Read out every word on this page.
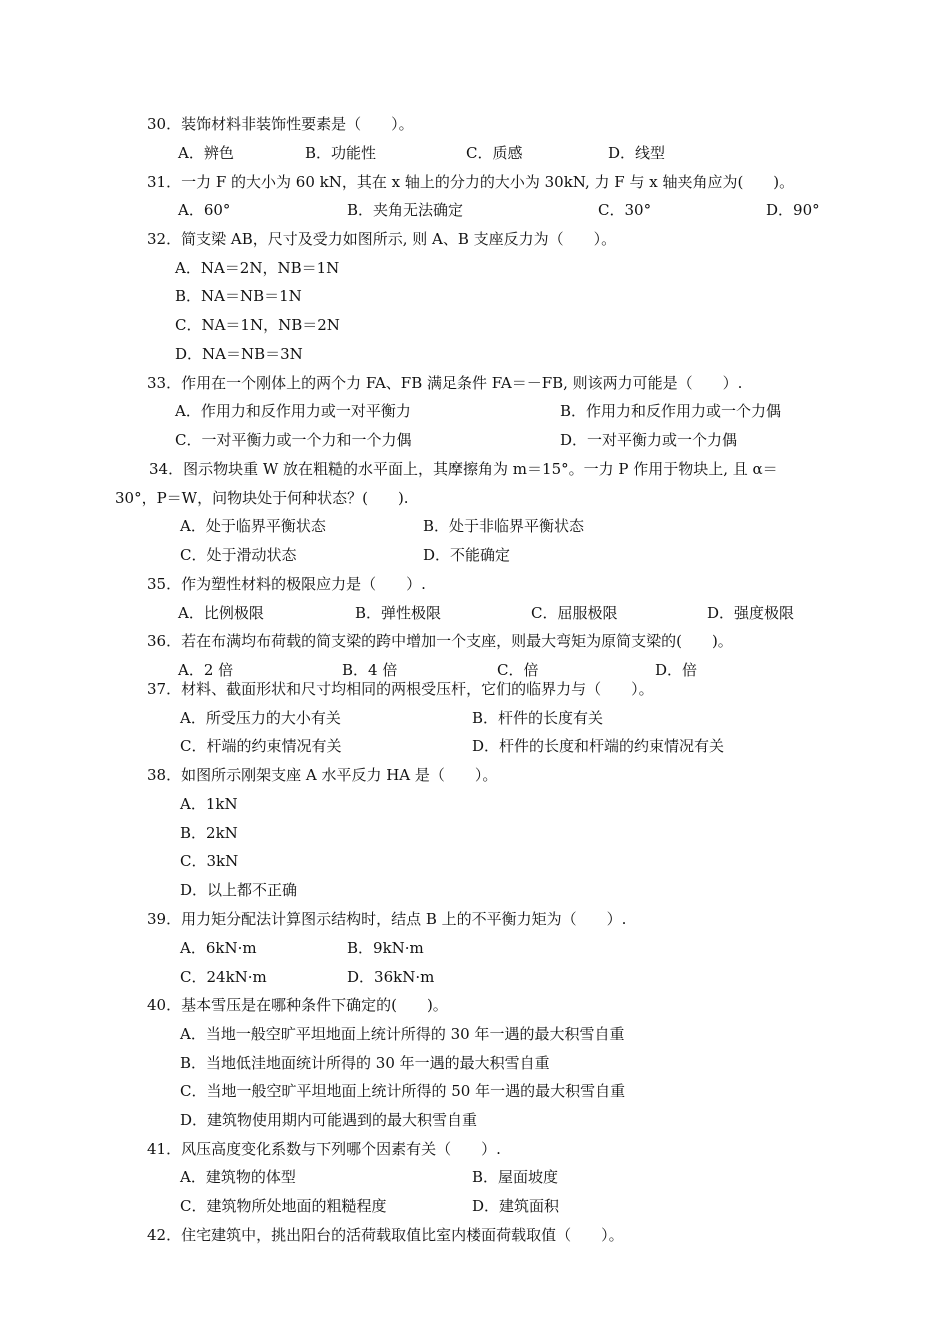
30．装饰材料非装饰性要素是（　　）。
A．辨色	B．功能性	C．质感	D．线型
31．一力 F 的大小为 60 kN，其在 x 轴上的分力的大小为 30kN, 力 F 与 x 轴夹角应为(　　)。
A．60°	B．夹角无法确定	C．30°	D．90°
32．简支梁 AB，尺寸及受力如图所示, 则 A、B 支座反力为（　　）。
A．NA＝2N，NB＝1N
B．NA＝NB＝1N
C．NA＝1N，NB＝2N
D．NA＝NB＝3N
33．作用在一个刚体上的两个力 FA、FB 满足条件 FA＝－FB, 则该两力可能是（　　）.
A．作用力和反作用力或一对平衡力	B．作用力和反作用力或一个力偶
C．一对平衡力或一个力和一个力偶	D．一对平衡力或一个力偶
34．图示物块重 W 放在粗糙的水平面上，其摩擦角为 m＝15°。一力 P 作用于物块上, 且 α＝
30°，P＝W，问物块处于何种状态？(　　).
A．处于临界平衡状态	B．处于非临界平衡状态
C．处于滑动状态	D．不能确定
35．作为塑性材料的极限应力是（　　）.
A．比例极限	B．弹性极限	C．屈服极限	D．强度极限
36．若在布满均布荷载的简支梁的跨中增加一个支座，则最大弯矩为原简支梁的(　　)。
A．2 倍	B．4 倍	C．倍	D．倍
37．材料、截面形状和尺寸均相同的两根受压杆，它们的临界力与（　　）。
A．所受压力的大小有关	B．杆件的长度有关
C．杆端的约束情况有关	D．杆件的长度和杆端的约束情况有关
38．如图所示刚架支座 A 水平反力 HA 是（　　）。
A．1kN
B．2kN
C．3kN
D．以上都不正确
39．用力矩分配法计算图示结构时，结点 B 上的不平衡力矩为（　　）.
A．6kN·m	B．9kN·m
C．24kN·m	D．36kN·m
40．基本雪压是在哪种条件下确定的(　　)。
A．当地一般空旷平坦地面上统计所得的 30 年一遇的最大积雪自重
B．当地低洼地面统计所得的 30 年一遇的最大积雪自重
C．当地一般空旷平坦地面上统计所得的 50 年一遇的最大积雪自重
D．建筑物使用期内可能遇到的最大积雪自重
41．风压高度变化系数与下列哪个因素有关（　　）.
A．建筑物的体型	B．屋面坡度
C．建筑物所处地面的粗糙程度	D．建筑面积
42．住宅建筑中，挑出阳台的活荷载取值比室内楼面荷载取值（　　）。
